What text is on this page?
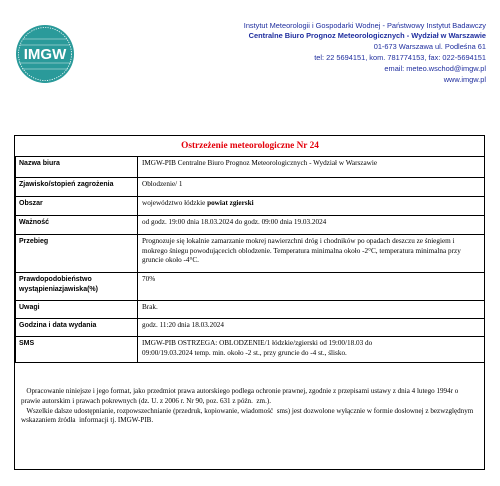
IMGW
Instytut Meteorologii i Gospodarki Wodnej - Państwowy Instytut Badawczy
Centralne Biuro Prognoz Meteorologicznych - Wydział w Warszawie
01-673 Warszawa ul. Podleśna 61
tel: 22 5694151, kom. 781774153, fax: 022-5694151
email: meteo.wschod@imgw.pl
www.imgw.pl
Ostrzeżenie meteorologiczne Nr 24
Nazwa biura	IMGW-PIB Centralne Biuro Prognoz Meteorologicznych - Wydział w Warszawie
Zjawisko/stopień zagrożenia	Oblodzenie/ 1
Obszar	województwo łódzkie powiat zgierski
Ważność	od godz. 19:00 dnia 18.03.2024 do godz. 09:00 dnia 19.03.2024
Przebieg	Prognozuje się lokalnie zamarzanie mokrej nawierzchni dróg i chodników po opadach deszczu ze śniegiem i mokrego śniegu powodującecich oblodzenie. Temperatura minimalna około -2°C, temperatura minimalna przy gruncie około -4°C.
Prawdopodobieństwo wystąpieniazjawiska(%)	70%
Uwagi	Brak.
Godzina i data wydania	godz. 11:20 dnia 18.03.2024
SMS	IMGW-PIB OSTRZEGA: OBLODZENIE/1 łódzkie/zgierski od 19:00/18.03 do
09:00/19.03.2024 temp. min. około -2 st., przy gruncie do -4 st., ślisko.

Opracowanie niniejsze i jego format, jako przedmiot prawa autorskiego podlega ochronie prawnej, zgodnie z przepisami ustawy z dnia 4 lutego 1994r o prawie autorskim i prawach pokrewnych (dz. U. z 2006 r. Nr 90, poz. 631 z późn.  zm.).

Wszelkie dalsze udostępnianie, rozpowszechnianie (przedruk, kopiowanie, wiadomość  sms) jest dozwolone wyłącznie w formie dosłownej z bezwzględnym wskazaniem źródła  informacji tj. IMGW-PIB.
